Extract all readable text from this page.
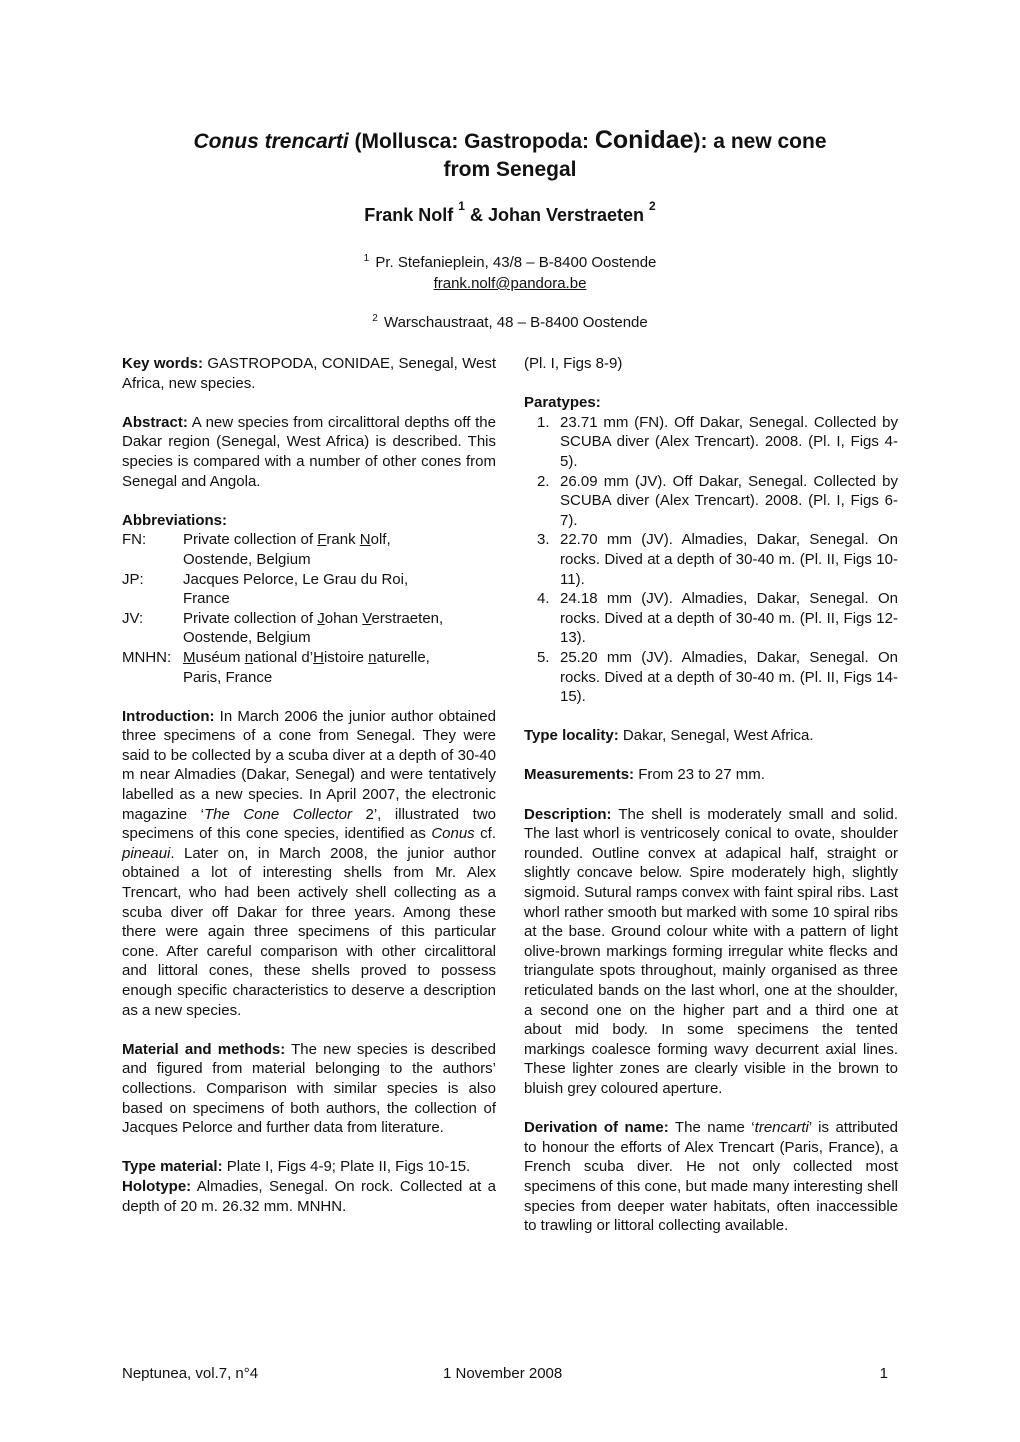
Conus trencarti (Mollusca: Gastropoda: Conidae): a new cone
from Senegal
Frank Nolf $^1$ & Johan Verstraeten $^2$
$^1$ Pr. Stefanieplein, 43/8 – B-8400 Oostende
frank.nolf@pandora.be
$^2$ Warschaustraat, 48 – B-8400 Oostende

Key words: GASTROPODA, CONIDAE, Senegal, West Africa, new species.

Abstract: A new species from circalittoral depths off the Dakar region (Senegal, West Africa) is described. This species is compared with a number of other cones from Senegal and Angola.

Abbreviations:

FN:	Private collection of Frank Nolf,
Oostende, Belgium
JP:	Jacques Pelorce, Le Grau du Roi,
France
JV:	Private collection of Johan Verstraeten,
Oostende, Belgium
MNHN: Muséum national d’Histoire naturelle,
Paris, France

Introduction: In March 2006 the junior author obtained three specimens of a cone from Senegal. They were said to be collected by a scuba diver at a depth of 30-40 m near Almadies (Dakar, Senegal) and were tentatively labelled as a new species. In April 2007, the electronic magazine ‘The Cone Collector 2’, illustrated two specimens of this cone species, identified as Conus cf. pineaui. Later on, in March 2008, the junior author obtained a lot of interesting shells from Mr. Alex Trencart, who had been actively shell collecting as a scuba diver off Dakar for three years. Among these there were again three specimens of this particular cone. After careful comparison with other circalittoral and littoral cones, these shells proved to possess enough specific characteristics to deserve a description as a new species.

Material and methods: The new species is described and figured from material belonging to the authors’ collections. Comparison with similar species is also based on specimens of both authors, the collection of Jacques Pelorce and further data from literature.

Type material: Plate I, Figs 4-9; Plate II, Figs 10-15.

Holotype: Almadies, Senegal. On rock. Collected at a depth of 20 m. 26.32 mm. MNHN.

(Pl. I, Figs 8-9)

Paratypes:

1. 23.71 mm (FN). Off Dakar, Senegal. Collected by SCUBA diver (Alex Trencart). 2008. (Pl. I, Figs 4-5).
2. 26.09 mm (JV). Off Dakar, Senegal. Collected by SCUBA diver (Alex Trencart). 2008. (Pl. I, Figs 6-7).
3. 22.70 mm (JV). Almadies, Dakar, Senegal. On rocks. Dived at a depth of 30-40 m. (Pl. II, Figs 10-11).
4. 24.18 mm (JV). Almadies, Dakar, Senegal. On rocks. Dived at a depth of 30-40 m. (Pl. II, Figs 12-13).
5. 25.20 mm (JV). Almadies, Dakar, Senegal. On rocks. Dived at a depth of 30-40 m. (Pl. II, Figs 14-15).

Type locality: Dakar, Senegal, West Africa.

Measurements: From 23 to 27 mm.

Description: The shell is moderately small and solid. The last whorl is ventricosely conical to ovate, shoulder rounded. Outline convex at adapical half, straight or slightly concave below. Spire moderately high, slightly sigmoid. Sutural ramps convex with faint spiral ribs. Last whorl rather smooth but marked with some 10 spiral ribs at the base. Ground colour white with a pattern of light olive-brown markings forming irregular white flecks and triangulate spots throughout, mainly organised as three reticulated bands on the last whorl, one at the shoulder, a second one on the higher part and a third one at about mid body. In some specimens the tented markings coalesce forming wavy decurrent axial lines. These lighter zones are clearly visible in the brown to bluish grey coloured aperture.

Derivation of name: The name ‘trencarti’ is attributed to honour the efforts of Alex Trencart (Paris, France), a French scuba diver. He not only collected most specimens of this cone, but made many interesting shell species from deeper water habitats, often inaccessible to trawling or littoral collecting available.

Neptunea, vol.7, n°4	1 November 2008	1
